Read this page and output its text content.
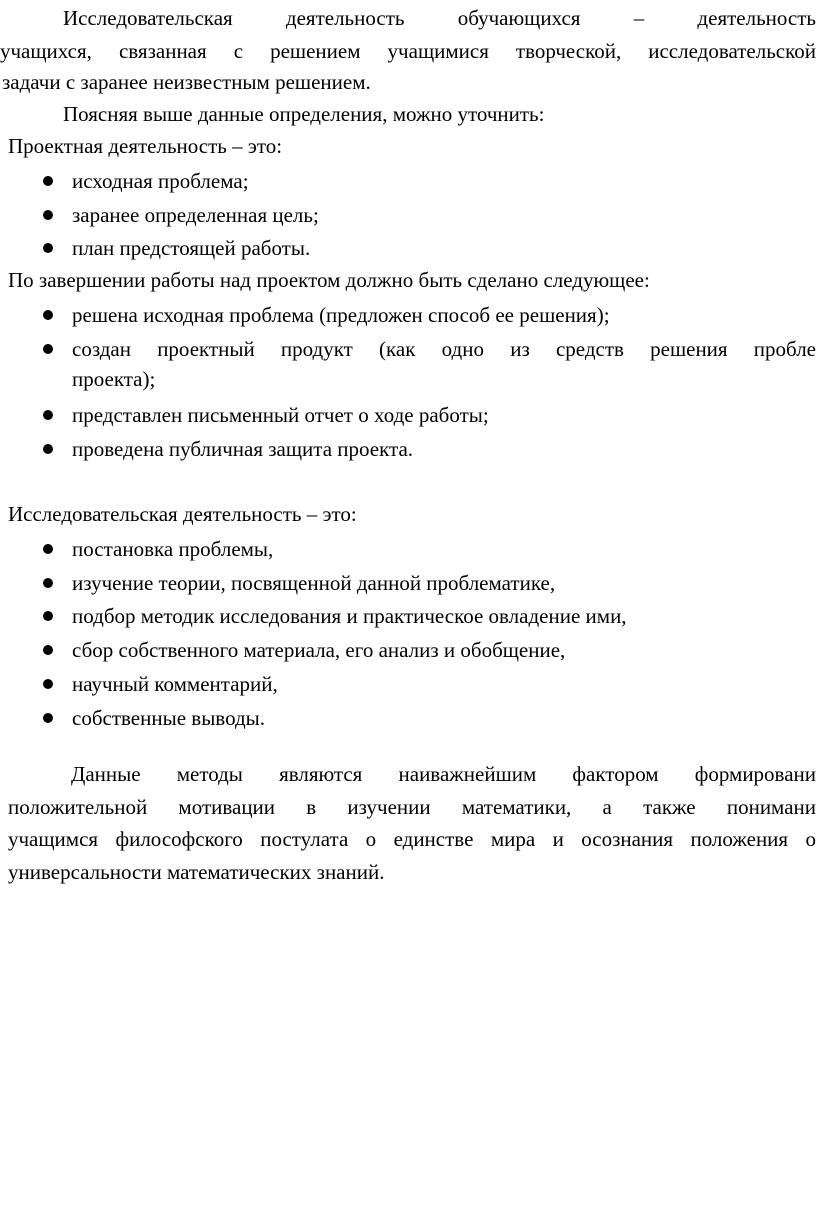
Исследовательская деятельность обучающихся – деятельность
учащихся, связанная с решением учащимися творческой, исследовательской
задачи с заранее неизвестным решением.
Поясняя выше данные определения, можно уточнить:
Проектная деятельность – это:
исходная проблема;
заранее определенная цель;
план предстоящей работы.
По завершении работы над проектом должно быть сделано следующее:
решена исходная проблема (предложен способ ее решения);
создан проектный продукт (как одно из средств решения пробле
проекта);
представлен письменный отчет о ходе работы;
проведена публичная защита проекта.
Исследовательская деятельность – это:
постановка проблемы,
изучение теории, посвященной данной проблематике,
подбор методик исследования и практическое овладение ими,
сбор собственного материала, его анализ и обобщение,
научный комментарий,
собственные выводы.
Данные методы являются наиважнейшим фактором формировани
положительной мотивации в изучении математики, а также понимани
учащимся философского постулата о единстве мира и осознания положения о
универсальности математических знаний.
